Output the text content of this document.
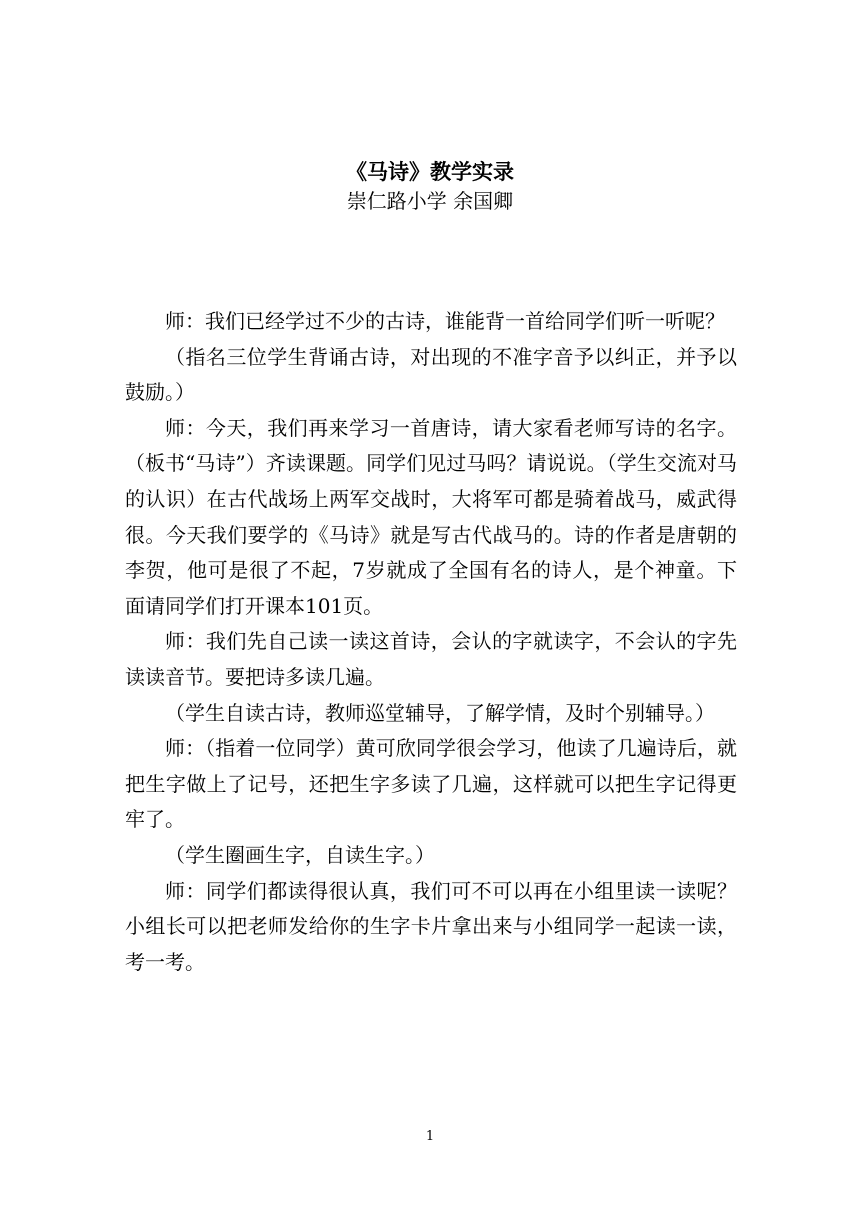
《马诗》教学实录
崇仁路小学 余国卿

师：我们已经学过不少的古诗，谁能背一首给同学们听一听呢？

（指名三位学生背诵古诗，对出现的不准字音予以纠正，并予以鼓励。）

师：今天，我们再来学习一首唐诗，请大家看老师写诗的名字。（板书“马诗”）齐读课题。同学们见过马吗？请说说。（学生交流对马的认识）在古代战场上两军交战时，大将军可都是骑着战马，威武得很。今天我们要学的《马诗》就是写古代战马的。诗的作者是唐朝的李贺，他可是很了不起，7岁就成了全国有名的诗人，是个神童。下面请同学们打开课本101页。

师：我们先自己读一读这首诗，会认的字就读字，不会认的字先读读音节。要把诗多读几遍。

（学生自读古诗，教师巡堂辅导，了解学情，及时个别辅导。）

师：（指着一位同学）黄可欣同学很会学习，他读了几遍诗后，就把生字做上了记号，还把生字多读了几遍，这样就可以把生字记得更牢了。

（学生圈画生字，自读生字。）

师：同学们都读得很认真，我们可不可以再在小组里读一读呢？小组长可以把老师发给你的生字卡片拿出来与小组同学一起读一读，考一考。

1
